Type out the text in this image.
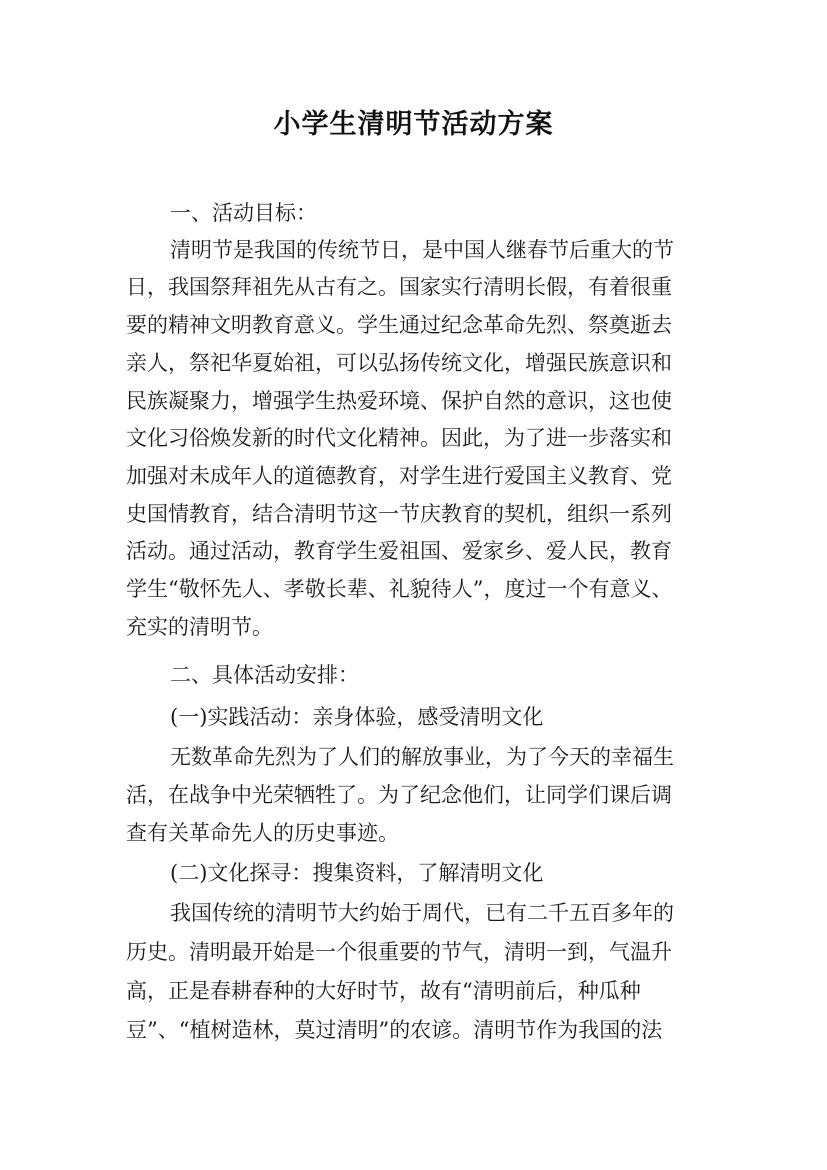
小学生清明节活动方案
一、活动目标：
清明节是我国的传统节日，是中国人继春节后重大的节
日，我国祭拜祖先从古有之。国家实行清明长假，有着很重
要的精神文明教育意义。学生通过纪念革命先烈、祭奠逝去
亲人，祭祀华夏始祖，可以弘扬传统文化，增强民族意识和
民族凝聚力，增强学生热爱环境、保护自然的意识，这也使
文化习俗焕发新的时代文化精神。因此，为了进一步落实和
加强对未成年人的道德教育，对学生进行爱国主义教育、党
史国情教育，结合清明节这一节庆教育的契机，组织一系列
活动。通过活动，教育学生爱祖国、爱家乡、爱人民，教育
学生“敬怀先人、孝敬长辈、礼貌待人”，度过一个有意义、
充实的清明节。
二、具体活动安排：
(一)实践活动：亲身体验，感受清明文化
无数革命先烈为了人们的解放事业，为了今天的幸福生
活，在战争中光荣牺牲了。为了纪念他们，让同学们课后调
查有关革命先人的历史事迹。
(二)文化探寻：搜集资料，了解清明文化
我国传统的清明节大约始于周代，已有二千五百多年的
历史。清明最开始是一个很重要的节气，清明一到，气温升
高，正是春耕春种的大好时节，故有“清明前后，种瓜种
豆”、“植树造林，莫过清明”的农谚。清明节作为我国的法
